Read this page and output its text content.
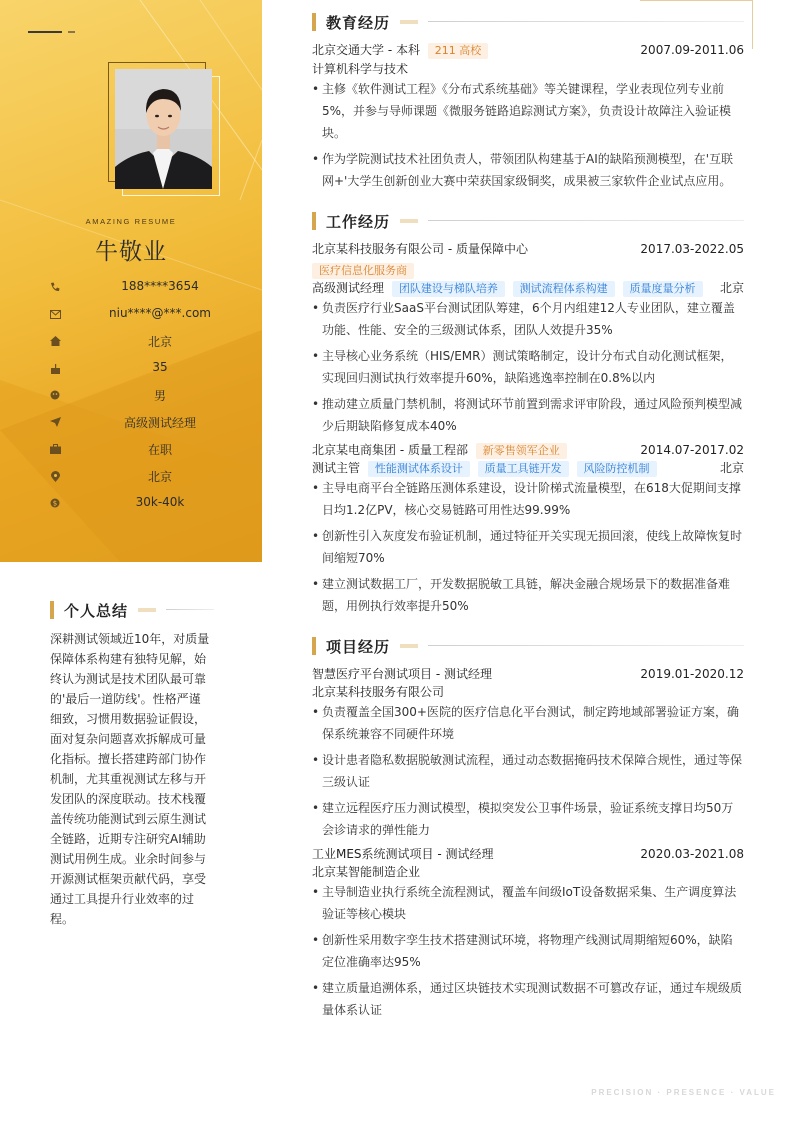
AMAZING RESUME
牛敬业
188****3654
niu****@***.com
北京
35
男
高级测试经理
在职
北京
$	30k-40k
个人总结
深耕测试领域近10年，对质量保障体系构建有独特见解，始终认为测试是技术团队最可靠的'最后一道防线'。性格严谨细致，习惯用数据验证假设，面对复杂问题喜欢拆解成可量化指标。擅长搭建跨部门协作机制，尤其重视测试左移与开发团队的深度联动。技术栈覆盖传统功能测试到云原生测试全链路，近期专注研究AI辅助测试用例生成。业余时间参与开源测试框架贡献代码，享受通过工具提升行业效率的过程。
教育经历
北京交通大学 - 本科 211 高校	2007.09-2011.06
计算机科学与技术
• 主修《软件测试工程》《分布式系统基础》等关键课程，学业表现位列专业前5%，并参与导师课题《微服务链路追踪测试方案》，负责设计故障注入验证模块。
• 作为学院测试技术社团负责人，带领团队构建基于AI的缺陷预测模型，在'互联网+'大学生创新创业大赛中荣获国家级铜奖，成果被三家软件企业试点应用。
工作经历
北京某科技服务有限公司 - 质量保障中心	2017.03-2022.05
医疗信息化服务商
高级测试经理 团队建设与梯队培养 测试流程体系构建 质量度量分析 北京
• 负责医疗行业SaaS平台测试团队筹建，6个月内组建12人专业团队，建立覆盖功能、性能、安全的三级测试体系，团队人效提升35%
• 主导核心业务系统（HIS/EMR）测试策略制定，设计分布式自动化测试框架，实现回归测试执行效率提升60%，缺陷逃逸率控制在0.8%以内
• 推动建立质量门禁机制，将测试环节前置到需求评审阶段，通过风险预判模型减少后期缺陷修复成本40%
北京某电商集团 - 质量工程部 新零售领军企业	2014.07-2017.02
测试主管 性能测试体系设计 质量工具链开发 风险防控机制	北京
• 主导电商平台全链路压测体系建设，设计阶梯式流量模型，在618大促期间支撑日均1.2亿PV，核心交易链路可用性达99.99%
• 创新性引入灰度发布验证机制，通过特征开关实现无损回滚，使线上故障恢复时间缩短70%
• 建立测试数据工厂，开发数据脱敏工具链，解决金融合规场景下的数据准备难题，用例执行效率提升50%
项目经历
智慧医疗平台测试项目 - 测试经理	2019.01-2020.12
北京某科技服务有限公司
• 负责覆盖全国300+医院的医疗信息化平台测试，制定跨地域部署验证方案，确保系统兼容不同硬件环境
• 设计患者隐私数据脱敏测试流程，通过动态数据掩码技术保障合规性，通过等保三级认证
• 建立远程医疗压力测试模型，模拟突发公卫事件场景，验证系统支撑日均50万会诊请求的弹性能力
工业MES系统测试项目 - 测试经理	2020.03-2021.08
北京某智能制造企业
• 主导制造业执行系统全流程测试，覆盖车间级IoT设备数据采集、生产调度算法验证等核心模块
• 创新性采用数字孪生技术搭建测试环境，将物理产线测试周期缩短60%，缺陷定位准确率达95%
• 建立质量追溯体系，通过区块链技术实现测试数据不可篡改存证，通过车规级质量体系认证
PRECISION · PRESENCE · VALUE
